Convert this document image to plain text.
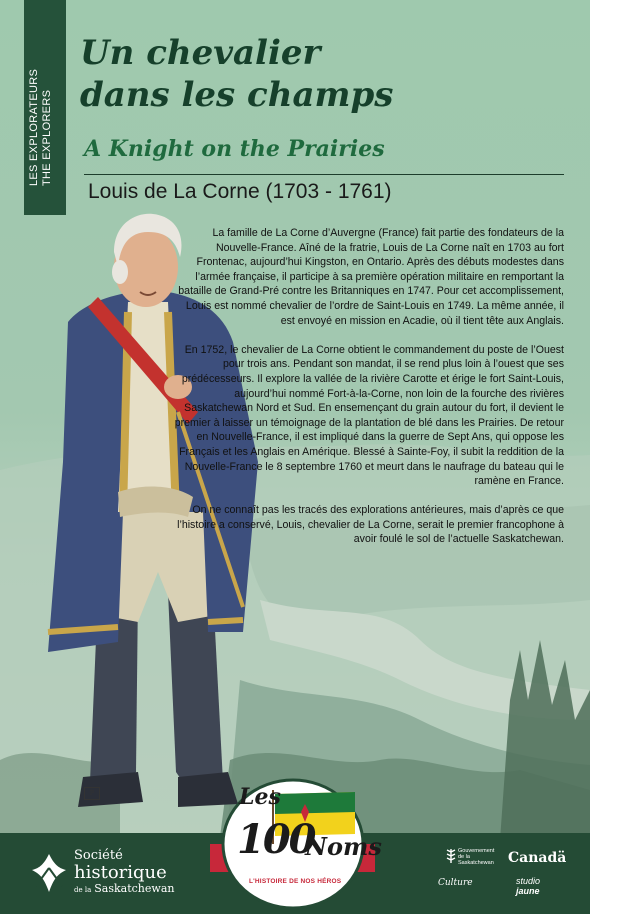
LES EXPLORATEURS THE EXPLORERS
Un chevalier
dans les champs
A Knight on the Prairies
Louis de La Corne (1703 - 1761)
ℙ

La famille de La Corne d’Auvergne (France) fait partie des fondateurs de la Nouvelle-France. Aîné de la fratrie, Louis de La Corne naît en 1703 au fort Frontenac, aujourd’hui Kingston, en Ontario. Après des débuts modestes dans l’armée française, il participe à sa première opération militaire en remportant la bataille de Grand-Pré contre les Britanniques en 1747. Pour cet accomplissement, Louis est nommé chevalier de l’ordre de Saint-Louis en 1749. La même année, il est envoyé en mission en Acadie, où il tient tête aux Anglais.

En 1752, le chevalier de La Corne obtient le commandement du poste de l’Ouest pour trois ans. Pendant son mandat, il se rend plus loin à l’ouest que ses prédécesseurs. Il explore la vallée de la rivière Carotte et érige le fort Saint-Louis, aujourd’hui nommé Fort-à-la-Corne, non loin de la fourche des rivières Saskatchewan Nord et Sud. En ensemençant du grain autour du fort, il devient le premier à laisser un témoignage de la plantation de blé dans les Prairies. De retour en Nouvelle-France, il est impliqué dans la guerre de Sept Ans, qui oppose les Français et les Anglais en Amérique. Blessé à Sainte-Foy, il subit la reddition de la Nouvelle-France le 8 septembre 1760 et meurt dans le naufrage du bateau qui le ramène en France.

On ne connaît pas les tracés des explorations antérieures, mais d’après ce que l’histoire a conservé, Louis, chevalier de La Corne, serait le premier francophone à avoir foulé le sol de l’actuelle Saskatchewan.

Société
historique
de la Saskatchewan
Les
100
Noms
L'HISTOIRE DE NOS HÉROS
Gouvernement
de la
Saskatchewan Canadä
Culture	studio
jaune
